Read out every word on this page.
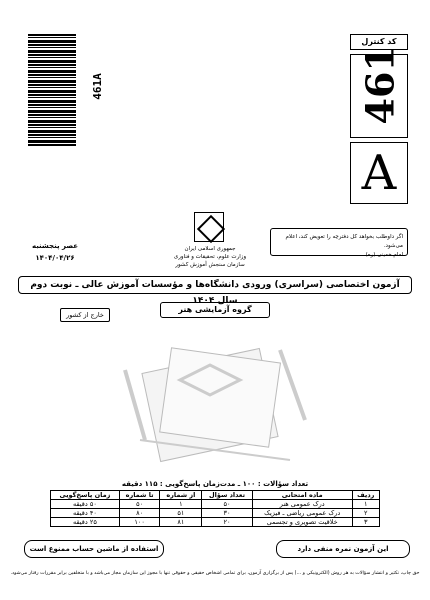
461A
کد کنترل
461
A
اگر داوطلب بخواهد کل دفترچه را تعویض کند، اعلام می‌شود.
امام خمینی (ره)
جمهوری اسلامی ایران
وزارت علوم، تحقیقات و فناوری
سازمان سنجش آموزش کشور
عصر پنجشنبه
۱۴۰۴/۰۴/۲۶
آزمون اختصاصی (سراسری) ورودی دانشگاه‌ها و مؤسسات آموزش عالی ـ نوبت دوم سال ۱۴۰۴
گروه آزمایشی هنر
خارج از کشور
تعداد سؤالات : ۱۰۰ ـ مدت‌زمان پاسخ‌گویی : ۱۱۵ دقیقه
ردیف	ماده امتحانی	تعداد سؤال	از شماره	تا شماره	زمان پاسخ‌گویی
۱	درک عمومی هنر	۵۰	۱	۵۰	۵۰ دقیقه
۲	درک عمومی ریاضی ـ فیزیک	۳۰	۵۱	۸۰	۴۰ دقیقه
۳	خلاقیت تصویری و تجسمی	۲۰	۸۱	۱۰۰	۲۵ دقیقه
این آزمون نمره منفی دارد
استفاده از ماشین حساب ممنوع است
حق چاپ، تکثیر و انتشار سؤالات به هر روش (الکترونیکی و ...) پس از برگزاری آزمون، برای تمامی اشخاص حقیقی و حقوقی تنها با مجوز این سازمان مجاز می‌باشد و با متخلفین برابر مقررات رفتار می‌شود.
